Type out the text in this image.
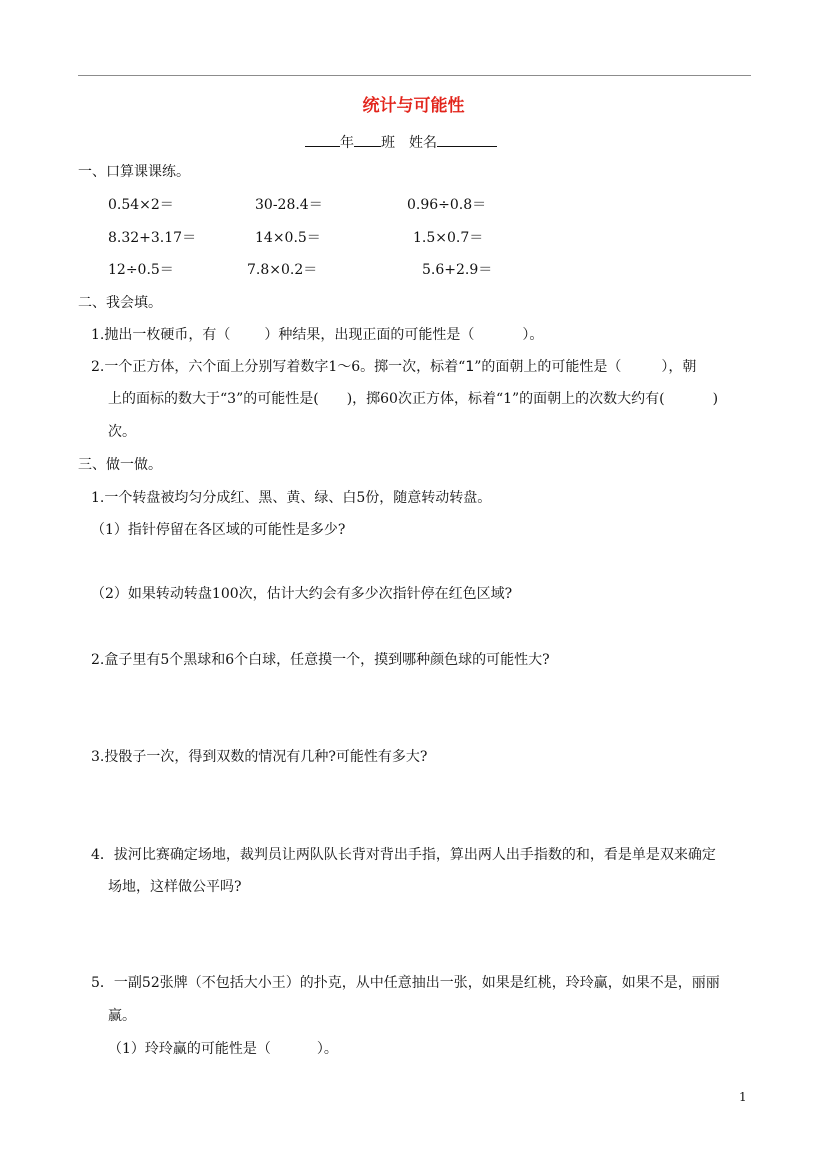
统计与可能性
年 班 姓名
一、口算课课练。
0.54×2＝	30-28.4＝	0.96÷0.8＝
8.32+3.17＝	14×0.5＝	1.5×0.7＝
12÷0.5＝	7.8×0.2＝	5.6+2.9＝
二、我会填。
1.抛出一枚硬币，有（ ）种结果，出现正面的可能性是（	）。
2.一个正方体，六个面上分别写着数字1～6。掷一次，标着“1”的面朝上的可能性是（	），朝
上的面标的数大于“3”的可能性是( )，掷60次正方体，标着“1”的面朝上的次数大约有(	)
次。
三、做一做。
1.一个转盘被均匀分成红、黑、黄、绿、白5份，随意转动转盘。
（1）指针停留在各区域的可能性是多少?
（2）如果转动转盘100次，估计大约会有多少次指针停在红色区域?
2.盒子里有5个黑球和6个白球，任意摸一个，摸到哪种颜色球的可能性大?
3.投骰子一次，得到双数的情况有几种?可能性有多大?
4．拔河比赛确定场地，裁判员让两队队长背对背出手指，算出两人出手指数的和，看是单是双来确定
场地，这样做公平吗?
5．一副52张牌（不包括大小王）的扑克，从中任意抽出一张，如果是红桃，玲玲赢，如果不是，丽丽
赢。
（1）玲玲赢的可能性是（	）。
1
